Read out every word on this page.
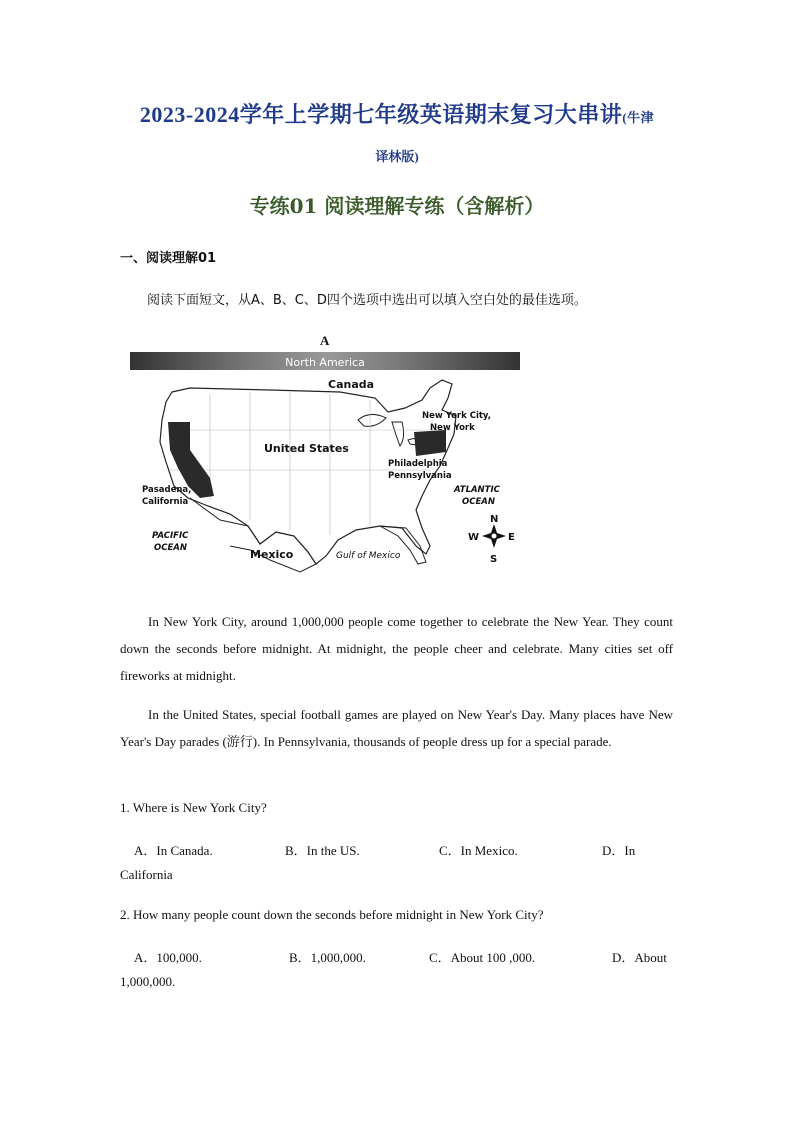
2023-2024学年上学期七年级英语期末复习大串讲(牛津
译林版)
专练01 阅读理解专练（含解析）
一、阅读理解01
阅读下面短文，从A、B、C、D四个选项中选出可以填入空白处的最佳选项。
A
North America
Canada
United States
New York City,
New York
Philadelphia
Pennsylvania
Pasadena,
California
ATLANTIC
OCEAN
PACIFIC
OCEAN	Mexico	Gulf of Mexico
N
S
E
W

In New York City, around 1,000,000 people come together to celebrate the New Year. They count down the seconds before midnight. At midnight, the people cheer and celebrate. Many cities set off fireworks at midnight.

In the United States, special football games are played on New Year's Day. Many places have New Year's Day parades (游行). In Pennsylvania, thousands of people dress up for a special parade.

1. Where is New York City?
A．In Canada.	B．In the US.	C．In Mexico.	D．In
California
2. How many people count down the seconds before midnight in New York City?
A．100,000.	B．1,000,000.	C．About 100 ,000.	D．About
1,000,000.
